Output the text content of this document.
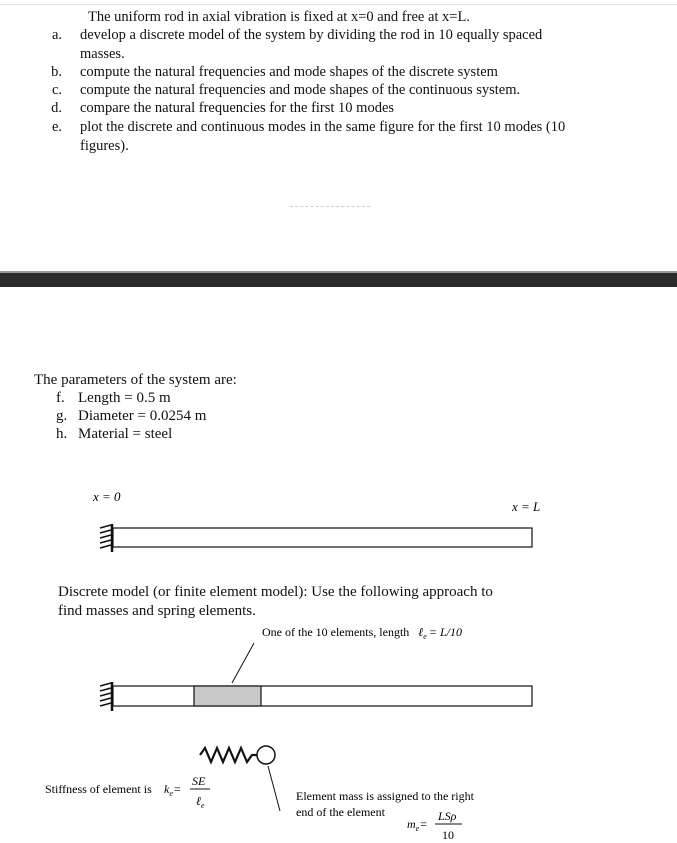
The uniform rod in axial vibration is fixed at x=0 and free at x=L.
a. develop a discrete model of the system by dividing the rod in 10 equally spaced
masses.
b. compute the natural frequencies and mode shapes of the discrete system
c. compute the natural frequencies and mode shapes of the continuous system.
d. compare the natural frequencies for the first 10 modes
e. plot the discrete and continuous modes in the same figure for the first 10 modes (10
figures).
The parameters of the system are:
f. Length = 0.5 m
g. Diameter = 0.0254 m
h. Material = steel
x = 0
x = L
Discrete model (or finite element model): Use the following approach to
find masses and spring elements.
One of the 10 elements, length ℓ$_e$ = L/10
Stiffness of element is $k_e=$
SE
ℓ$_e$
Element mass is assigned to the right
end of the element
$m_e=$
LSρ
10
